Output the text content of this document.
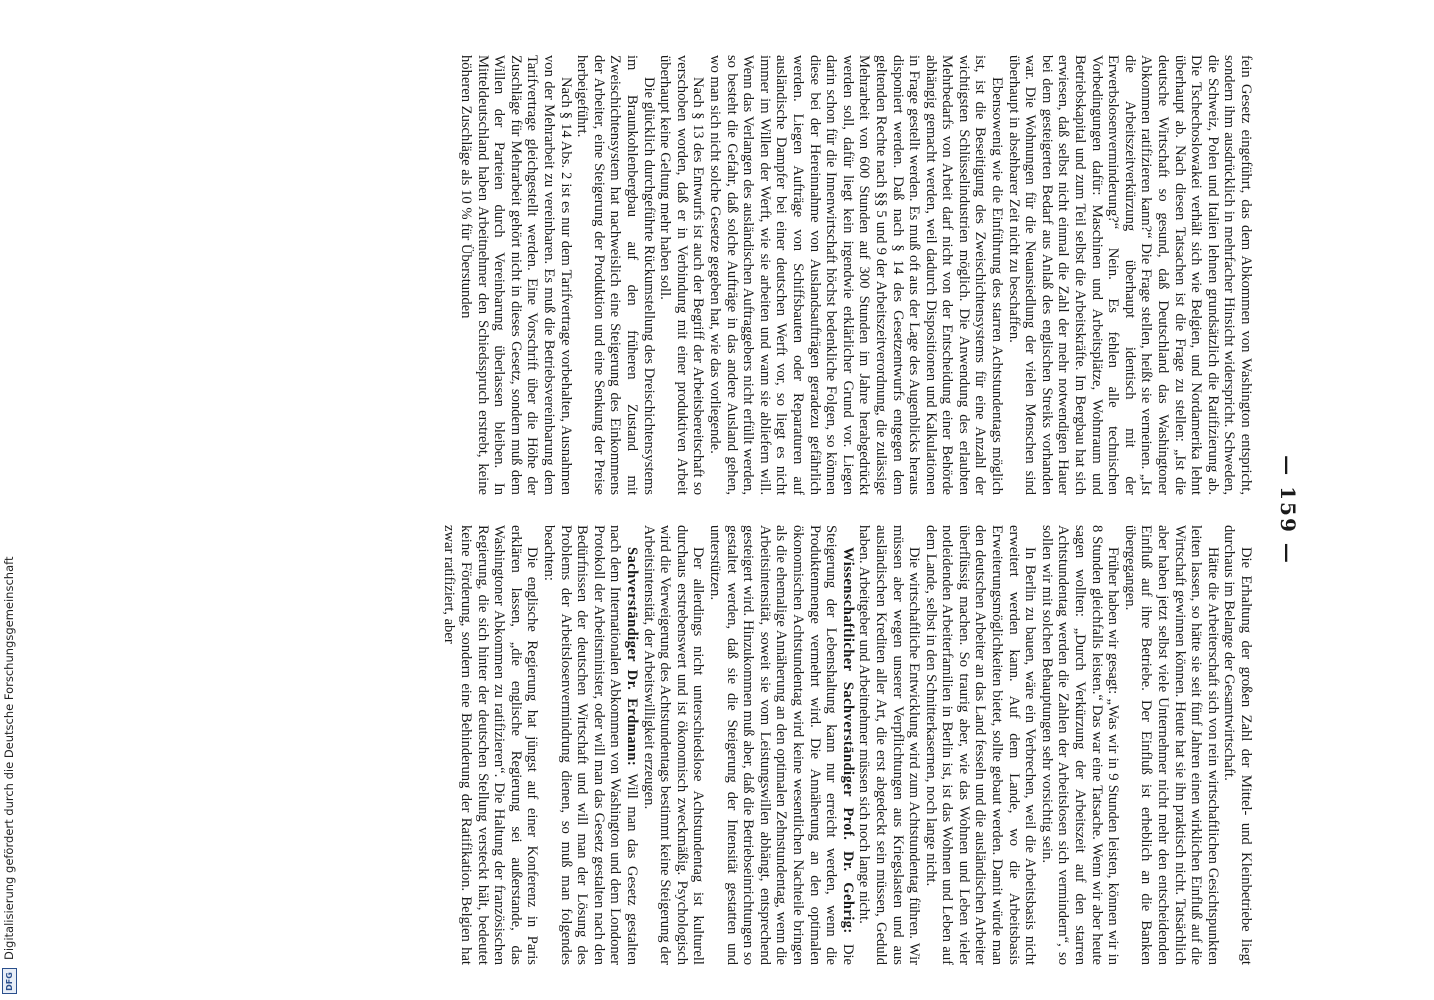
— 159 —

fein Gesetz eingeführt, das dem Abkommen von Washington entspricht, sondern ihm ausdrücklich in mehrfacher Hinsicht widerspricht. Schweden, die Schweiz, Polen und Italien lehnen grundsätzlich die Ratifizierung ab. Die Tschechoslowakei verhält sich wie Belgien, und Nordamerika lehnt überhaupt ab. Nach diesen Tatsachen ist die Frage zu stellen: „Ist die deutsche Wirtschaft so gesund, daß Deutschland das Washingtoner Abkommen ratifizieren kann?“ Die Frage stellen, heißt sie verneinen. „Ist die Arbeitszeitverkürzung überhaupt identisch mit der Erwerbslosenverminderung?“ Nein. Es fehlen alle technischen Vorbedingungen dafür: Maschinen und Arbeitsplätze, Wohnraum und Betriebskapital und zum Teil selbst die Arbeitskräfte. Im Bergbau hat sich erwiesen, daß selbst nicht einmal die Zahl der mehr notwendigen Hauer bei dem gesteigerten Bedarf aus Anlaß des englischen Streiks vorhanden war. Die Wohnungen für die Neuansiedlung der vielen Menschen sind überhaupt in absehbarer Zeit nicht zu beschaffen.

Ebensowenig wie die Einführung des starren Achtstundentags möglich ist, ist die Beseitigung des Zweischichtensystems für eine Anzahl der wichtigsten Schlüsselindustrien möglich. Die Anwendung des erlaubten Mehrbedarfs von Arbeit darf nicht von der Entscheidung einer Behörde abhängig gemacht werden, weil dadurch Dispositionen und Kalkulationen in Frage gestellt werden. Es muß oft aus der Lage des Augenblicks heraus disponiert werden. Daß nach § 14 des Gesetzentwurfs entgegen dem geltenden Rechte nach §§ 5 und 9 der Arbeitszeitverordnung, die zulässige Mehrarbeit von 600 Stunden auf 300 Stunden im Jahre herabgedrückt werden soll, dafür liegt kein irgendwie erklärlicher Grund vor. Liegen darin schon für die Innenwirtschaft höchst bedenkliche Folgen, so können diese bei der Hereinnahme von Auslandsaufträgen geradezu gefährlich werden. Liegen Aufträge von Schiffsbauten oder Reparaturen auf ausländische Dampfer bei einer deutschen Werft vor, so liegt es nicht immer im Willen der Werft, wie sie arbeiten und wann sie abliefern will. Wenn das Verlangen des ausländischen Auftraggebers nicht erfüllt werden, so besteht die Gefahr, daß solche Aufträge in das andere Ausland gehen, wo man sich nicht solche Gesetze gegeben hat, wie das vorliegende.

Nach § 13 des Entwurfs ist auch der Begriff der Arbeitsbereitschaft so verschoben worden, daß er in Verbindung mit einer produktiven Arbeit überhaupt keine Geltung mehr haben soll.

Die glücklich durchgeführte Rückumstellung des Dreischichtensystems im Braunkohlenbergbau auf den früheren Zustand mit Zweischichtensystem hat nachweislich eine Steigerung des Einkommens der Arbeiter, eine Steigerung der Produktion und eine Senkung der Preise herbeigeführt.

Nach § 14 Abs. 2 ist es nur dem Tarifvertrage vorbehalten, Ausnahmen von der Mehrarbeit zu vereinbaren. Es muß die Betriebsvereinbarung dem Tarifvertrage gleichgestellt werden. Eine Vorschrift über die Höhe der Zuschläge für Mehrarbeit gehört nicht in dieses Gesetz, sondern muß dem Willen der Parteien durch Vereinbarung überlassen bleiben. In Mitteldeutschland haben Arbeitnehmer den Schiedsspruch erstrebt, keine höheren Zuschläge als 10 % für Überstunden

Die Erhaltung der großen Zahl der Mittel- und Kleinbetriebe liegt durchaus im Belange der Gesamtwirtschaft.

Hätte die Arbeiterschaft sich von rein wirtschaftlichen Gesichtspunkten leiten lassen, so hätte sie seit fünf Jahren einen wirklichen Einfluß auf die Wirtschaft gewinnen können. Heute hat sie ihn praktisch nicht. Tatsächlich aber haben jetzt selbst viele Unternehmer nicht mehr den entscheidenden Einfluß auf ihre Betriebe. Der Einfluß ist erheblich an die Banken übergegangen.

Früher haben wir gesagt: „Was wir in 9 Stunden leisten, können wir in 8 Stunden gleichfalls leisten.“ Das war eine Tatsache. Wenn wir aber heute sagen wollten: „Durch Verkürzung der Arbeitszeit auf den starren Achtstundentag werden die Zahlen der Arbeitslosen sich vermindern“, so sollen wir mit solchen Behauptungen sehr vorsichtig sein.

In Berlin zu bauen, wäre ein Verbrechen, weil die Arbeitsbasis nicht erweitert werden kann. Auf dem Lande, wo die Arbeitsbasis Erweiterungsmöglichkeiten bietet, sollte gebaut werden. Damit würde man den deutschen Arbeiter an das Land fesseln und die ausländischen Arbeiter überflüssig machen. So traurig aber, wie das Wohnen und Leben vieler notleidenden Arbeiterfamilien in Berlin ist, ist das Wohnen und Leben auf dem Lande, selbst in den Schnitterkasernen, noch lange nicht.

Die wirtschaftliche Entwicklung wird zum Achtstundentag führen. Wir müssen aber wegen unserer Verpflichtungen aus Kriegslasten und aus ausländischen Krediten aller Art, die erst abgedeckt sein müssen, Geduld haben. Arbeitgeber und Arbeitnehmer müssen sich noch lange nicht.

Wissenschaftlicher Sachverständiger Prof. Dr. Gehrig: Die Steigerung der Lebenshaltung kann nur erreicht werden, wenn die Produktenmenge vermehrt wird. Die Annäherung an den optimalen ökonomischen Achtstundentag wird keine wesentlichen Nachteile bringen als die ehemalige Annäherung an den optimalen Zehnstundentag, wenn die Arbeitsintensität, soweit sie vom Leistungswillen abhängt, entsprechend gesteigert wird. Hinzukommen muß aber, daß die Betriebseinrichtungen so gestaltet werden, daß sie die Steigerung der Intensität gestatten und unterstützen.

Der allerdings nicht unterschiedslose Achtstundentag ist kulturell durchaus erstrebenswert und ist ökonomisch zweckmäßig. Psychologisch wird die Verweigerung des Achtstundentags bestimmt keine Steigerung der Arbeitsintensität, der Arbeitswilligkeit erzeugen.

Sachverständiger Dr. Erdmann: Will man das Gesetz gestalten nach dem Internationalen Abkommen von Washington und dem Londoner Protokoll der Arbeitsminister, oder will man das Gesetz gestalten nach den Bedürfnissen der deutschen Wirtschaft und will man der Lösung des Problems der Arbeitslosenvermindrung dienen, so muß man folgendes beachten:

Die englische Regierung hat jüngst auf einer Konferenz in Paris erklären lassen, „die englische Regierung sei außerstande, das Washingtoner Abkommen zu ratifizieren“. Die Haltung der französischen Regierung, die sich hinter der deutschen Stellung versteckt hält, bedeutet keine Förderung, sondern eine Behinderung der Ratifikation. Belgien hat zwar ratifiziert, aber

Digitalisierung gefördert durch die Deutsche Forschungsgemeinschaft
DFG
